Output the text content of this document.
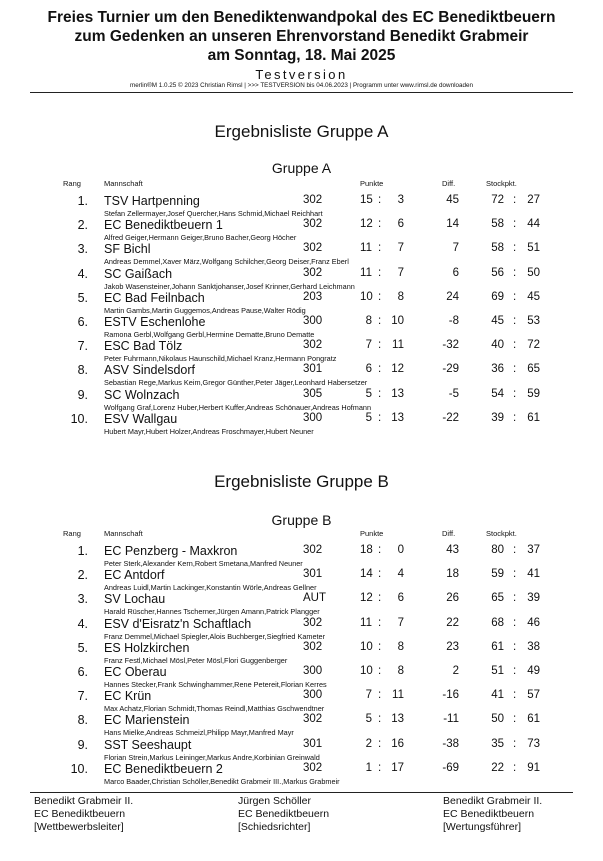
Freies Turnier um den Benediktenwandpokal des EC Benediktbeuern
zum Gedenken an unseren Ehrenvorstand Benedikt Grabmeir
am Sonntag, 18. Mai 2025
Testversion
merlin®M 1.0.25 © 2023 Christian Rimsl | >>> TESTVERSION bis 04.06.2023 | Programm unter www.rimsl.de downloaden
Ergebnisliste Gruppe A
Gruppe A
Rang	Mannschaft	Punkte	Diff.	Stockpkt.
1. TSV Hartpenning	302	15 :	3	45	72 : 27
Stefan Zellermayer,Josef Quercher,Hans Schmid,Michael Reichhart
2. EC Benediktbeuern 1	302	12 :	6	14	58 : 44
Alfred Geiger,Hermann Geiger,Bruno Bacher,Georg Höcher
3. SF Bichl	302	11 :	7	7	58 : 51
Andreas Demmel,Xaver März,Wolfgang Schilcher,Georg Deiser,Franz Eberl
4. SC Gaißach	302	11 :	7	6	56 : 50
Jakob Wasensteiner,Johann Sanktjohanser,Josef Krinner,Gerhard Leichmann
5. EC Bad Feilnbach	203	10 :	8	24	69 : 45
Martin Gambs,Martin Guggemos,Andreas Pause,Walter Rödig
6. ESTV Eschenlohe	300	8 : 10	-8	45 : 53
Ramona Gerbl,Wolfgang Gerbl,Hermine Dematte,Bruno Dematte
7. ESC Bad Tölz	302	7 : 11	-32	40 : 72
Peter Fuhrmann,Nikolaus Haunschild,Michael Kranz,Hermann Pongratz
8. ASV Sindelsdorf	301	6 : 12	-29	36 : 65
Sebastian Rege,Markus Keim,Gregor Günther,Peter Jäger,Leonhard Habersetzer
9. SC Wolnzach	305	5 : 13	-5	54 : 59
Wolfgang Graf,Lorenz Huber,Herbert Kuffer,Andreas Schönauer,Andreas Hofmann
10. ESV Wallgau	300	5 : 13	-22	39 : 61
Hubert Mayr,Hubert Holzer,Andreas Froschmayer,Hubert Neuner
Ergebnisliste Gruppe B
Gruppe B
Rang	Mannschaft	Punkte	Diff.	Stockpkt.
1. EC Penzberg - Maxkron	302	18 :	0	43	80 : 37
Peter Sterk,Alexander Kern,Robert Smetana,Manfred Neuner
2. EC Antdorf	301	14 :	4	18	59 : 41
Andreas Luidl,Martin Lackinger,Konstantin Wörle,Andreas Gellner
3. SV Lochau	AUT	12 :	6	26	65 : 39
Harald Rüscher,Hannes Tscherner,Jürgen Amann,Patrick Plangger
4. ESV d'Eisratz'n Schaftlach	302	11 :	7	22	68 : 46
Franz Demmel,Michael Spiegler,Alois Buchberger,Siegfried Kameter
5. ES Holzkirchen	302	10 :	8	23	61 : 38
Franz Festl,Michael Mösl,Peter Mösl,Flori Guggenberger
6. EC Oberau	300	10 :	8	2	51 : 49
Hannes Stecker,Frank Schwinghammer,Rene Petereit,Florian Kerres
7. EC Krün	300	7 : 11	-16	41 : 57
Max Achatz,Florian Schmidt,Thomas Reindl,Matthias Gschwendtner
8. EC Marienstein	302	5 : 13	-11	50 : 61
Hans Mielke,Andreas Schmeizl,Philipp Mayr,Manfred Mayr
9. SST Seeshaupt	301	2 : 16	-38	35 : 73
Florian Strein,Markus Leininger,Markus Andre,Korbinian Greinwald
10. EC Benediktbeuern 2	302	1 : 17	-69	22 : 91
Marco Baader,Christian Schöller,Benedikt Grabmeir III.,Markus Grabmeir
Benedikt Grabmeir II.
EC Benediktbeuern
[Wettbewerbsleiter]
Jürgen Schöller
EC Benediktbeuern
[Schiedsrichter]
Benedikt Grabmeir II.
EC Benediktbeuern
[Wertungsführer]
